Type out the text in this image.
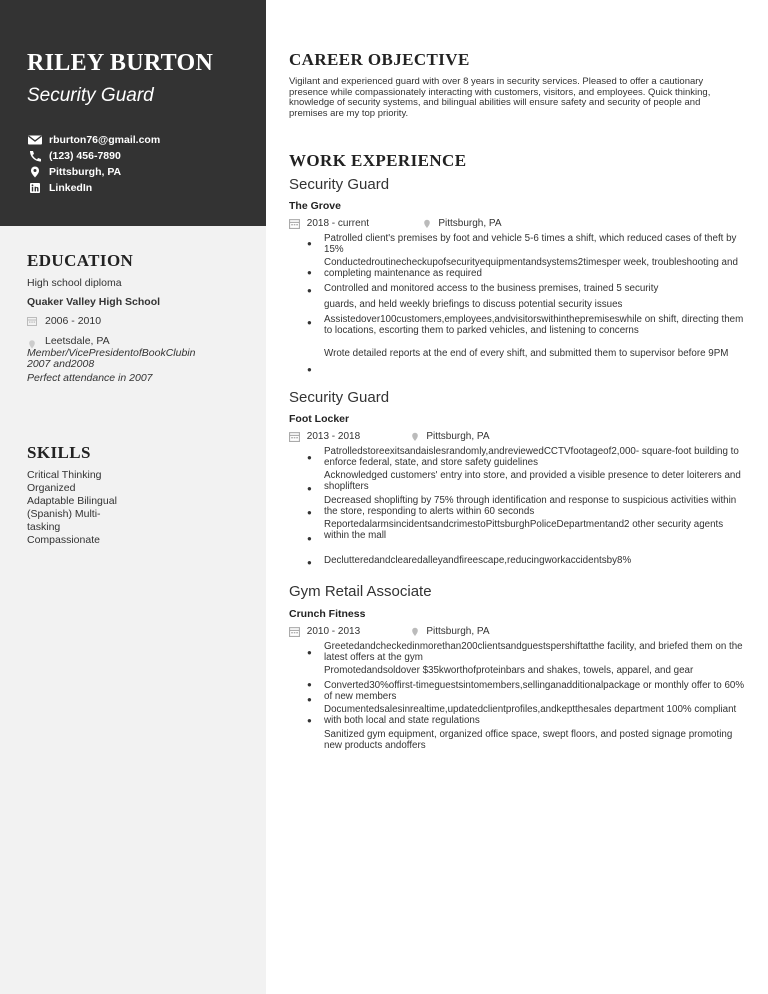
RILEY BURTON
Security Guard
rburton76@gmail.com
(123) 456-7890
Pittsburgh, PA
LinkedIn
EDUCATION
High school diploma
Quaker Valley High School
2006 - 2010
Leetsdale, PA
Member/VicePresidentofBookClubin
2007 and2008
Perfect attendance in 2007
SKILLS
Critical Thinking
Organized
Adaptable Bilingual
(Spanish) Multi-
tasking
Compassionate
CAREER OBJECTIVE
Vigilant and experienced guard with over 8 years in security services. Pleased to offer a cautionary presence while compassionately interacting with customers, visitors, and employees. Quick thinking, knowledge of security systems, and bilingual abilities will ensure safety and security of people and premises are my top priority.
WORK EXPERIENCE
Security Guard
The Grove
2018 - current	Pittsburgh, PA
● Patrolled client's premises by foot and vehicle 5-6 times a shift, which reduced cases of theft by 15%
●
Conductedroutinecheckupofsecurityequipmentandsystems2timesper week, troubleshooting and completing maintenance as required
● Controlled and monitored access to the business premises, trained 5 security
guards, and held weekly briefings to discuss potential security issues
● Assistedover100customers,employees,andvisitorswithinthepremiseswhile on shift, directing them to locations, escorting them to parked vehicles, and listening to concerns
●
Wrote detailed reports at the end of every shift, and submitted them to supervisor before 9PM
Security Guard
Foot Locker
2013 - 2018	Pittsburgh, PA
●
Patrolledstoreexitsandaislesrandomly,andreviewedCCTVfootageof2,000- square-foot building to enforce federal, state, and store safety guidelines
●
Acknowledged customers' entry into store, and provided a visible presence to deter loiterers and shoplifters
●
Decreased shoplifting by 75% through identification and response to suspicious activities within the store, responding to alerts within 60 seconds
●
ReportedalarmsincidentsandcrimestoPittsburghPoliceDepartmentand2 other security agents within the mall
● Declutteredandclearedalleyandfireescape,reducingworkaccidentsby8%
Gym Retail Associate
Crunch Fitness
2010 - 2013	Pittsburgh, PA
●
Greetedandcheckedinmorethan200clientsandguestspershiftatthe facility, and briefed them on the latest offers at the gym
●
Promotedandsoldover $35kworthofproteinbars and shakes, towels, apparel, and gear
●
Converted30%offirst-timeguestsintomembers,sellinganadditionalpackage or monthly offer to 60% of new members
●
Documentedsalesinrealtime,updatedclientprofiles,andkeptthesales department 100% compliant with both local and state regulations
Sanitized gym equipment, organized office space, swept floors, and posted signage promoting new products andoffers
